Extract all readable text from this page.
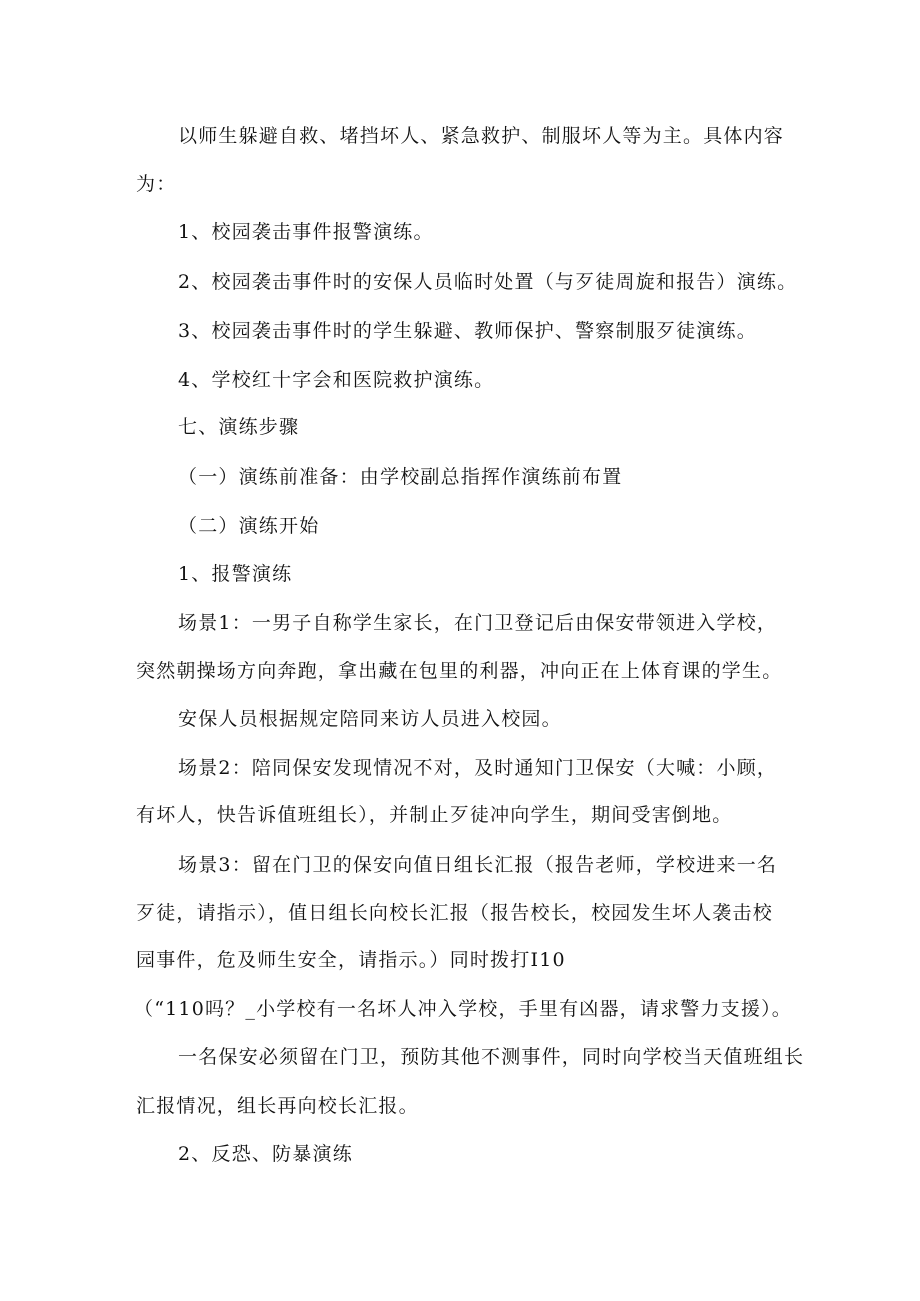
以师生躲避自救、堵挡坏人、紧急救护、制服坏人等为主。具体内容
为：
1、校园袭击事件报警演练。
2、校园袭击事件时的安保人员临时处置（与歹徒周旋和报告）演练。
3、校园袭击事件时的学生躲避、教师保护、警察制服歹徒演练。
4、学校红十字会和医院救护演练。
七、演练步骤
（一）演练前准备：由学校副总指挥作演练前布置
（二）演练开始
1、报警演练
场景1：一男子自称学生家长，在门卫登记后由保安带领进入学校，
突然朝操场方向奔跑，拿出藏在包里的利器，冲向正在上体育课的学生。
安保人员根据规定陪同来访人员进入校园。
场景2：陪同保安发现情况不对，及时通知门卫保安（大喊：小顾，
有坏人，快告诉值班组长），并制止歹徒冲向学生，期间受害倒地。
场景3：留在门卫的保安向值日组长汇报（报告老师，学校进来一名
歹徒，请指示），值日组长向校长汇报（报告校长，校园发生坏人袭击校
园事件，危及师生安全，请指示。）同时拨打I10
（“110吗？_小学校有一名坏人冲入学校，手里有凶器，请求警力支援）。
一名保安必须留在门卫，预防其他不测事件，同时向学校当天值班组长
汇报情况，组长再向校长汇报。
2、反恐、防暴演练
